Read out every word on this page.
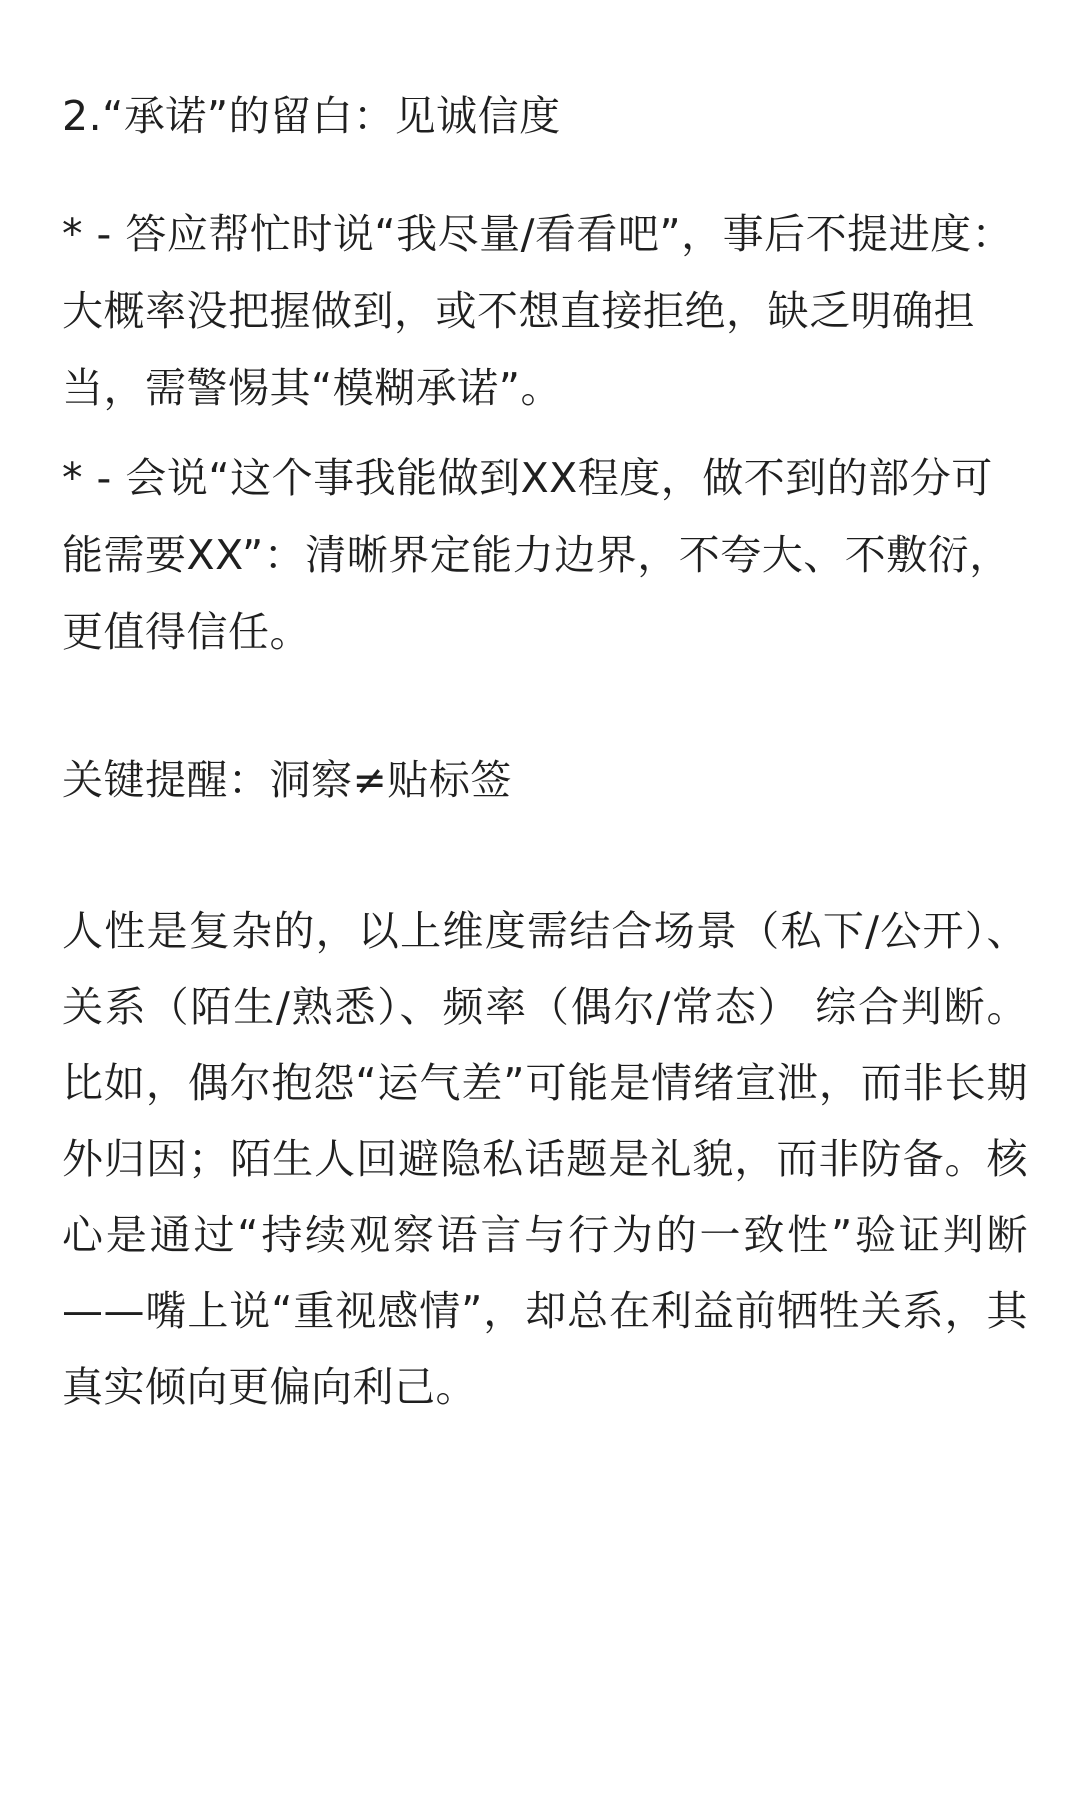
2.“承诺”的留白：见诚信度

* - 答应帮忙时说“我尽量/看看吧”，事后不提进度：大概率没把握做到，或不想直接拒绝，缺乏明确担当，需警惕其“模糊承诺”。

* - 会说“这个事我能做到XX程度，做不到的部分可能需要XX”：清晰界定能力边界，不夸大、不敷衍，更值得信任。

关键提醒：洞察≠贴标签

人性是复杂的，以上维度需结合场景（私下/公开）、关系（陌生/熟悉）、频率（偶尔/常态） 综合判断。比如，偶尔抱怨“运气差”可能是情绪宣泄，而非长期外归因；陌生人回避隐私话题是礼貌，而非防备。核心是通过“持续观察语言与行为的一致性”验证判断——嘴上说“重视感情”，却总在利益前牺牲关系，其真实倾向更偏向利己。
